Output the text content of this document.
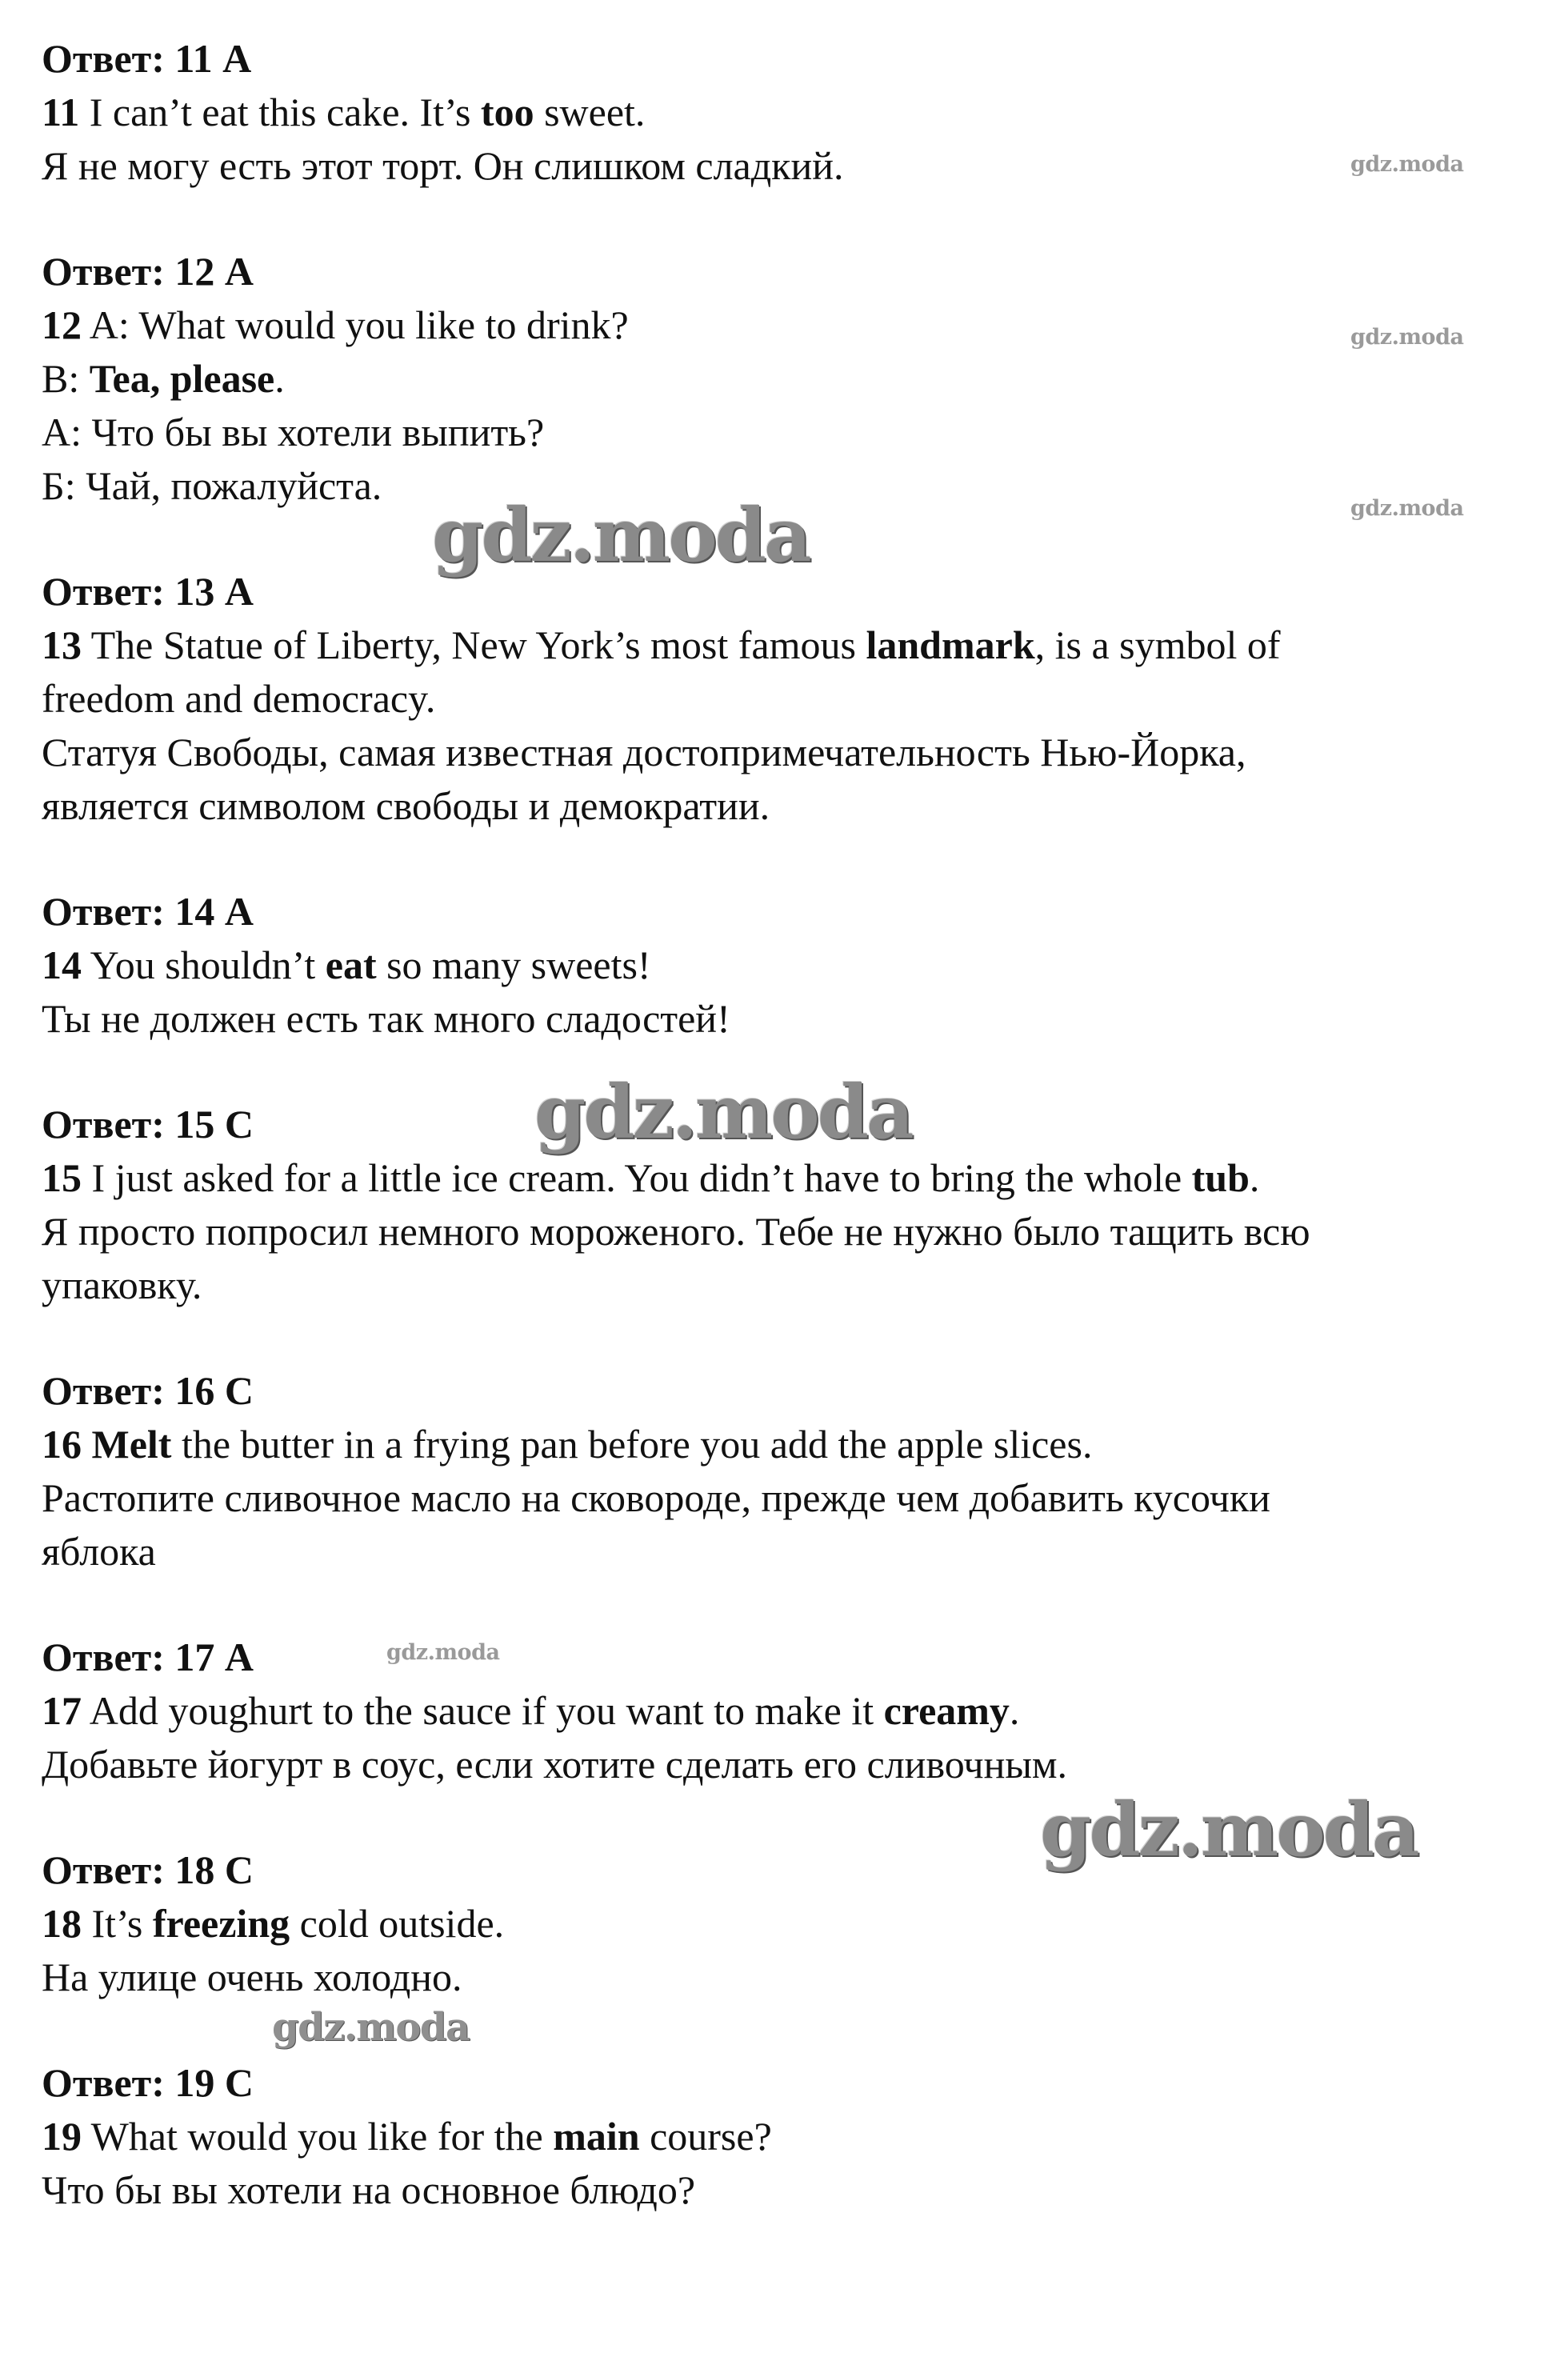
Ответ: 11 А

11 I can’t eat this cake. It’s too sweet.

Я не могу есть этот торт. Он слишком сладкий.

Ответ: 12 А

12 A: What would you like to drink?

B: Tea, please.

А: Что бы вы хотели выпить?

Б: Чай, пожалуйста.

Ответ: 13 А

13 The Statue of Liberty, New York’s most famous landmark, is a symbol of

freedom and democracy.

Статуя Свободы, самая известная достопримечательность Нью-Йорка,

является символом свободы и демократии.

Ответ: 14 А

14 You shouldn’t eat so many sweets!

Ты не должен есть так много сладостей!

Ответ: 15 С

15 I just asked for a little ice cream. You didn’t have to bring the whole tub.

Я просто попросил немного мороженого. Тебе не нужно было тащить всю

упаковку.

Ответ: 16 С

16 Melt the butter in a frying pan before you add the apple slices.

Растопите сливочное масло на сковороде, прежде чем добавить кусочки

яблока

Ответ: 17 А

17 Add youghurt to the sauce if you want to make it creamy.

Добавьте йогурт в соус, если хотите сделать его сливочным.

Ответ: 18 С

18 It’s freezing cold outside.

На улице очень холодно.

Ответ: 19 С

19 What would you like for the main course?

Что бы вы хотели на основное блюдо?

gdz.moda
gdz.moda
gdz.moda
gdz.moda
gdz.moda
gdz.moda
gdz.moda
gdz.moda
